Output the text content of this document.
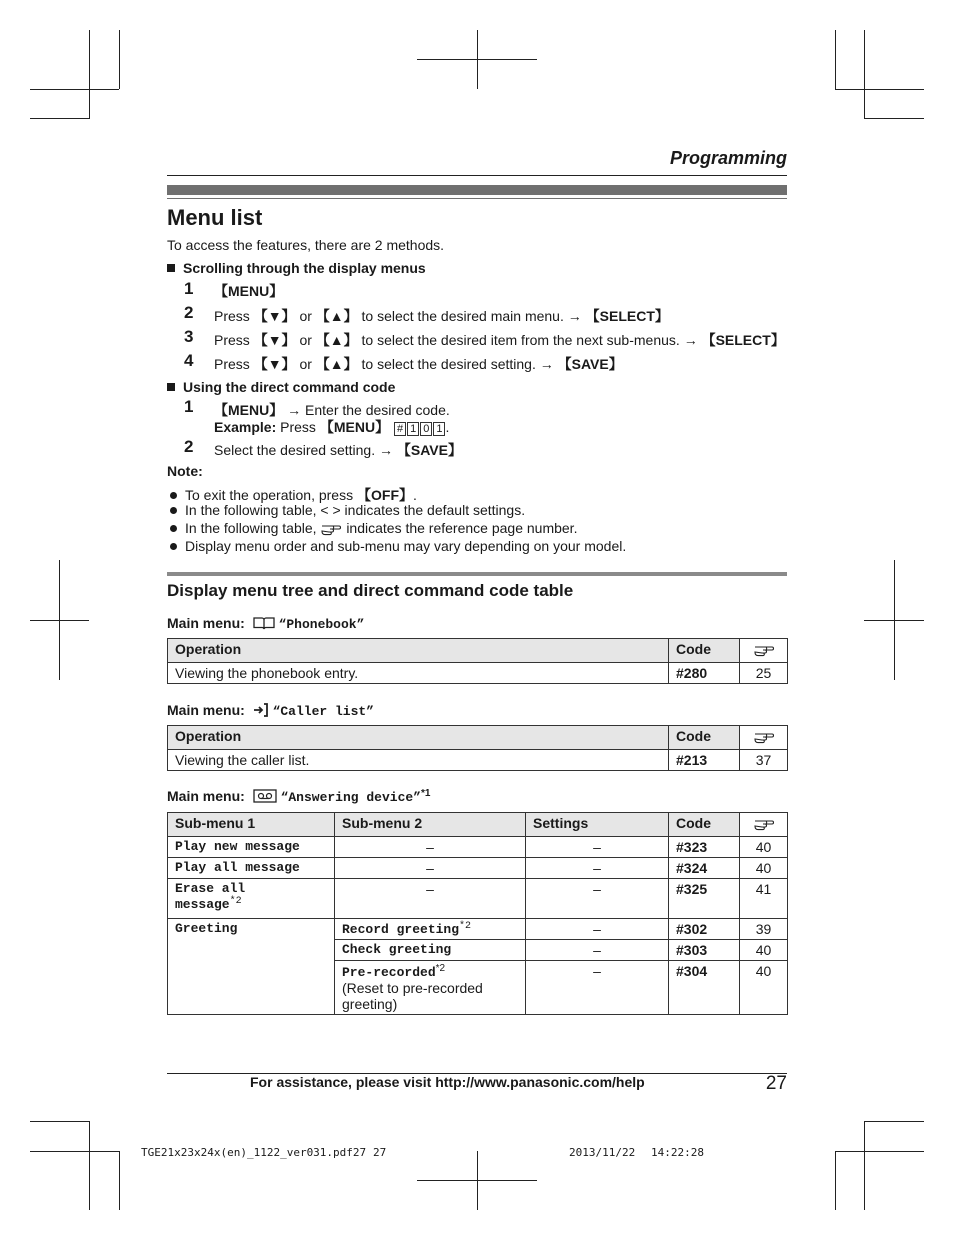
Programming
Menu list
To access the features, there are 2 methods.
Scrolling through the display menus
1 【MENU】
2 Press 【▼】 or 【▲】 to select the desired main menu. → 【SELECT】
3 Press 【▼】 or 【▲】 to select the desired item from the next sub-menus. → 【SELECT】
4 Press 【▼】 or 【▲】 to select the desired setting. → 【SAVE】
Using the direct command code
1 【MENU】 → Enter the desired code.
Example: Press 【MENU】 # 1 0 1 .
2 Select the desired setting. → 【SAVE】
Note:
To exit the operation, press 【OFF】.
In the following table, < > indicates the default settings.
In the following table, indicates the reference page number.
Display menu order and sub-menu may vary depending on your model.
Display menu tree and direct command code table
Main menu:	“Phonebook”
Operation	Code	
Viewing the phonebook entry.	#280	25
Main menu: “Caller list”
Operation	Code	
Viewing the caller list.	#213	37
Main menu:	“Answering device”$^{*1}$
Sub-menu 1	Sub-menu 2	Settings	Code	
Play new message	–	–	#323	40
Play all message	–	–	#324	40
Erase all
message$^{*2}$	–	–	#325	41
Greeting	Record greeting$^{*2}$	–	#302	39
	Check greeting	–	#303	40
	Pre-recorded$^{*2}$
(Reset to pre-recorded
greeting)	–	#304	40
For assistance, please visit http://www.panasonic.com/help	27
TGE21x23x24x(en)_1122_ver031.pdf27 27	2013/11/22 14:22:28
